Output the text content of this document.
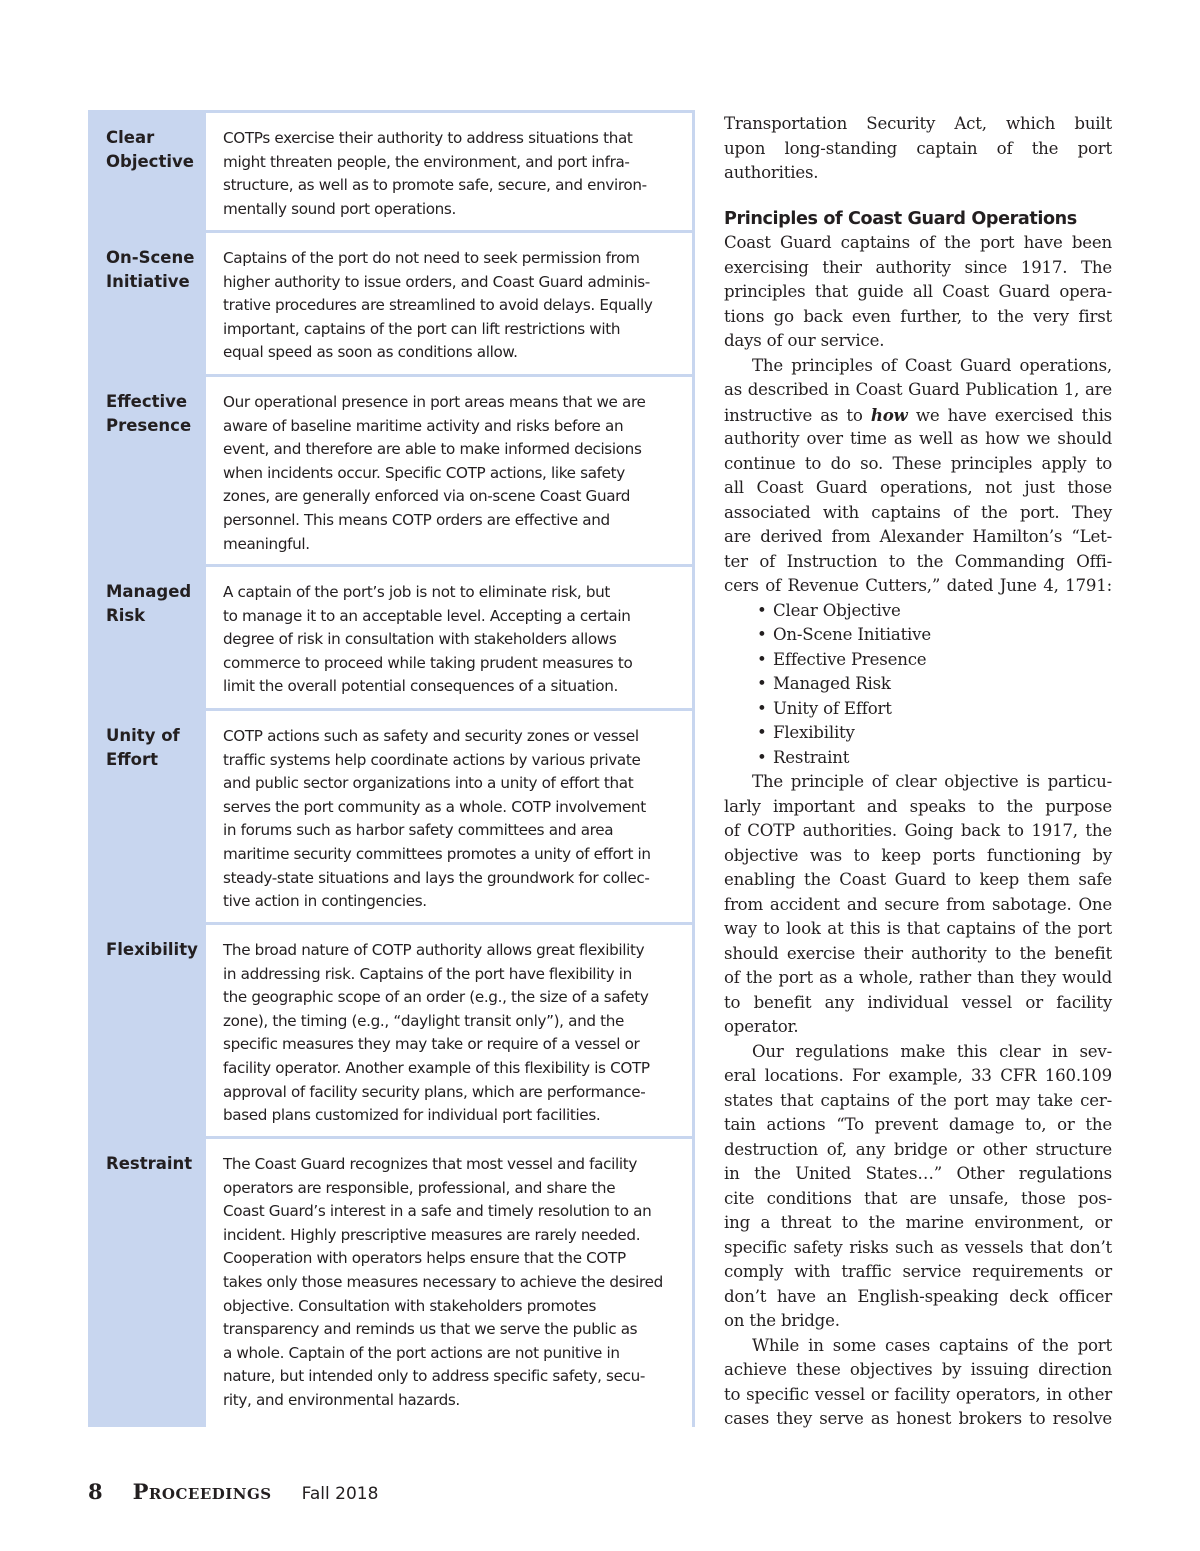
Clear
Objective
COTPs exercise their authority to address situations that
might threaten people, the environment, and port infra-
structure, as well as to promote safe, secure, and environ-
mentally sound port operations.
On-Scene
Initiative
Captains of the port do not need to seek permission from
higher authority to issue orders, and Coast Guard adminis-
trative procedures are streamlined to avoid delays. Equally
important, captains of the port can lift restrictions with
equal speed as soon as conditions allow.
Effective
Presence
Our operational presence in port areas means that we are
aware of baseline maritime activity and risks before an
event, and therefore are able to make informed decisions
when incidents occur. Specific COTP actions, like safety
zones, are generally enforced via on-scene Coast Guard
personnel. This means COTP orders are effective and
meaningful.
Managed
Risk
A captain of the port’s job is not to eliminate risk, but
to manage it to an acceptable level. Accepting a certain
degree of risk in consultation with stakeholders allows
commerce to proceed while taking prudent measures to
limit the overall potential consequences of a situation.
Unity of
Effort
COTP actions such as safety and security zones or vessel
traffic systems help coordinate actions by various private
and public sector organizations into a unity of effort that
serves the port community as a whole. COTP involvement
in forums such as harbor safety committees and area
maritime security committees promotes a unity of effort in
steady-state situations and lays the groundwork for collec-
tive action in contingencies.
Flexibility	The broad nature of COTP authority allows great flexibility
in addressing risk. Captains of the port have flexibility in
the geographic scope of an order (e.g., the size of a safety
zone), the timing (e.g., “daylight transit only”), and the
specific measures they may take or require of a vessel or
facility operator. Another example of this flexibility is COTP
approval of facility security plans, which are performance-
based plans customized for individual port facilities.
Restraint	The Coast Guard recognizes that most vessel and facility
operators are responsible, professional, and share the
Coast Guard’s interest in a safe and timely resolution to an
incident. Highly prescriptive measures are rarely needed.
Cooperation with operators helps ensure that the COTP
takes only those measures necessary to achieve the desired
objective. Consultation with stakeholders promotes
transparency and reminds us that we serve the public as
a whole. Captain of the port actions are not punitive in
nature, but intended only to address specific safety, secu-
rity, and environmental hazards.
Transportation Security Act, which built
upon long-standing captain of the port
authorities.
Principles of Coast Guard Operations
Coast Guard captains of the port have been
exercising their authority since 1917. The
principles that guide all Coast Guard opera-
tions go back even further, to the very first
days of our service.
The principles of Coast Guard operations,
as described in Coast Guard Publication 1, are
instructive as to how we have exercised this
authority over time as well as how we should
continue to do so. These principles apply to
all Coast Guard operations, not just those
associated with captains of the port. They
are derived from Alexander Hamilton’s “Let-
ter of Instruction to the Commanding Offi-
cers of Revenue Cutters,” dated June 4, 1791:
• Clear Objective
• On-Scene Initiative
• Effective Presence
• Managed Risk
• Unity of Effort
• Flexibility
• Restraint
The principle of clear objective is particu-
larly important and speaks to the purpose
of COTP authorities. Going back to 1917, the
objective was to keep ports functioning by
enabling the Coast Guard to keep them safe
from accident and secure from sabotage. One
way to look at this is that captains of the port
should exercise their authority to the benefit
of the port as a whole, rather than they would
to benefit any individual vessel or facility
operator.
Our regulations make this clear in sev-
eral locations. For example, 33 CFR 160.109
states that captains of the port may take cer-
tain actions “To prevent damage to, or the
destruction of, any bridge or other structure
in the United States…” Other regulations
cite conditions that are unsafe, those pos-
ing a threat to the marine environment, or
specific safety risks such as vessels that don’t
comply with traffic service requirements or
don’t have an English-speaking deck officer
on the bridge.
While in some cases captains of the port
achieve these objectives by issuing direction
to specific vessel or facility operators, in other
cases they serve as honest brokers to resolve
8 Proceedings Fall 2018
